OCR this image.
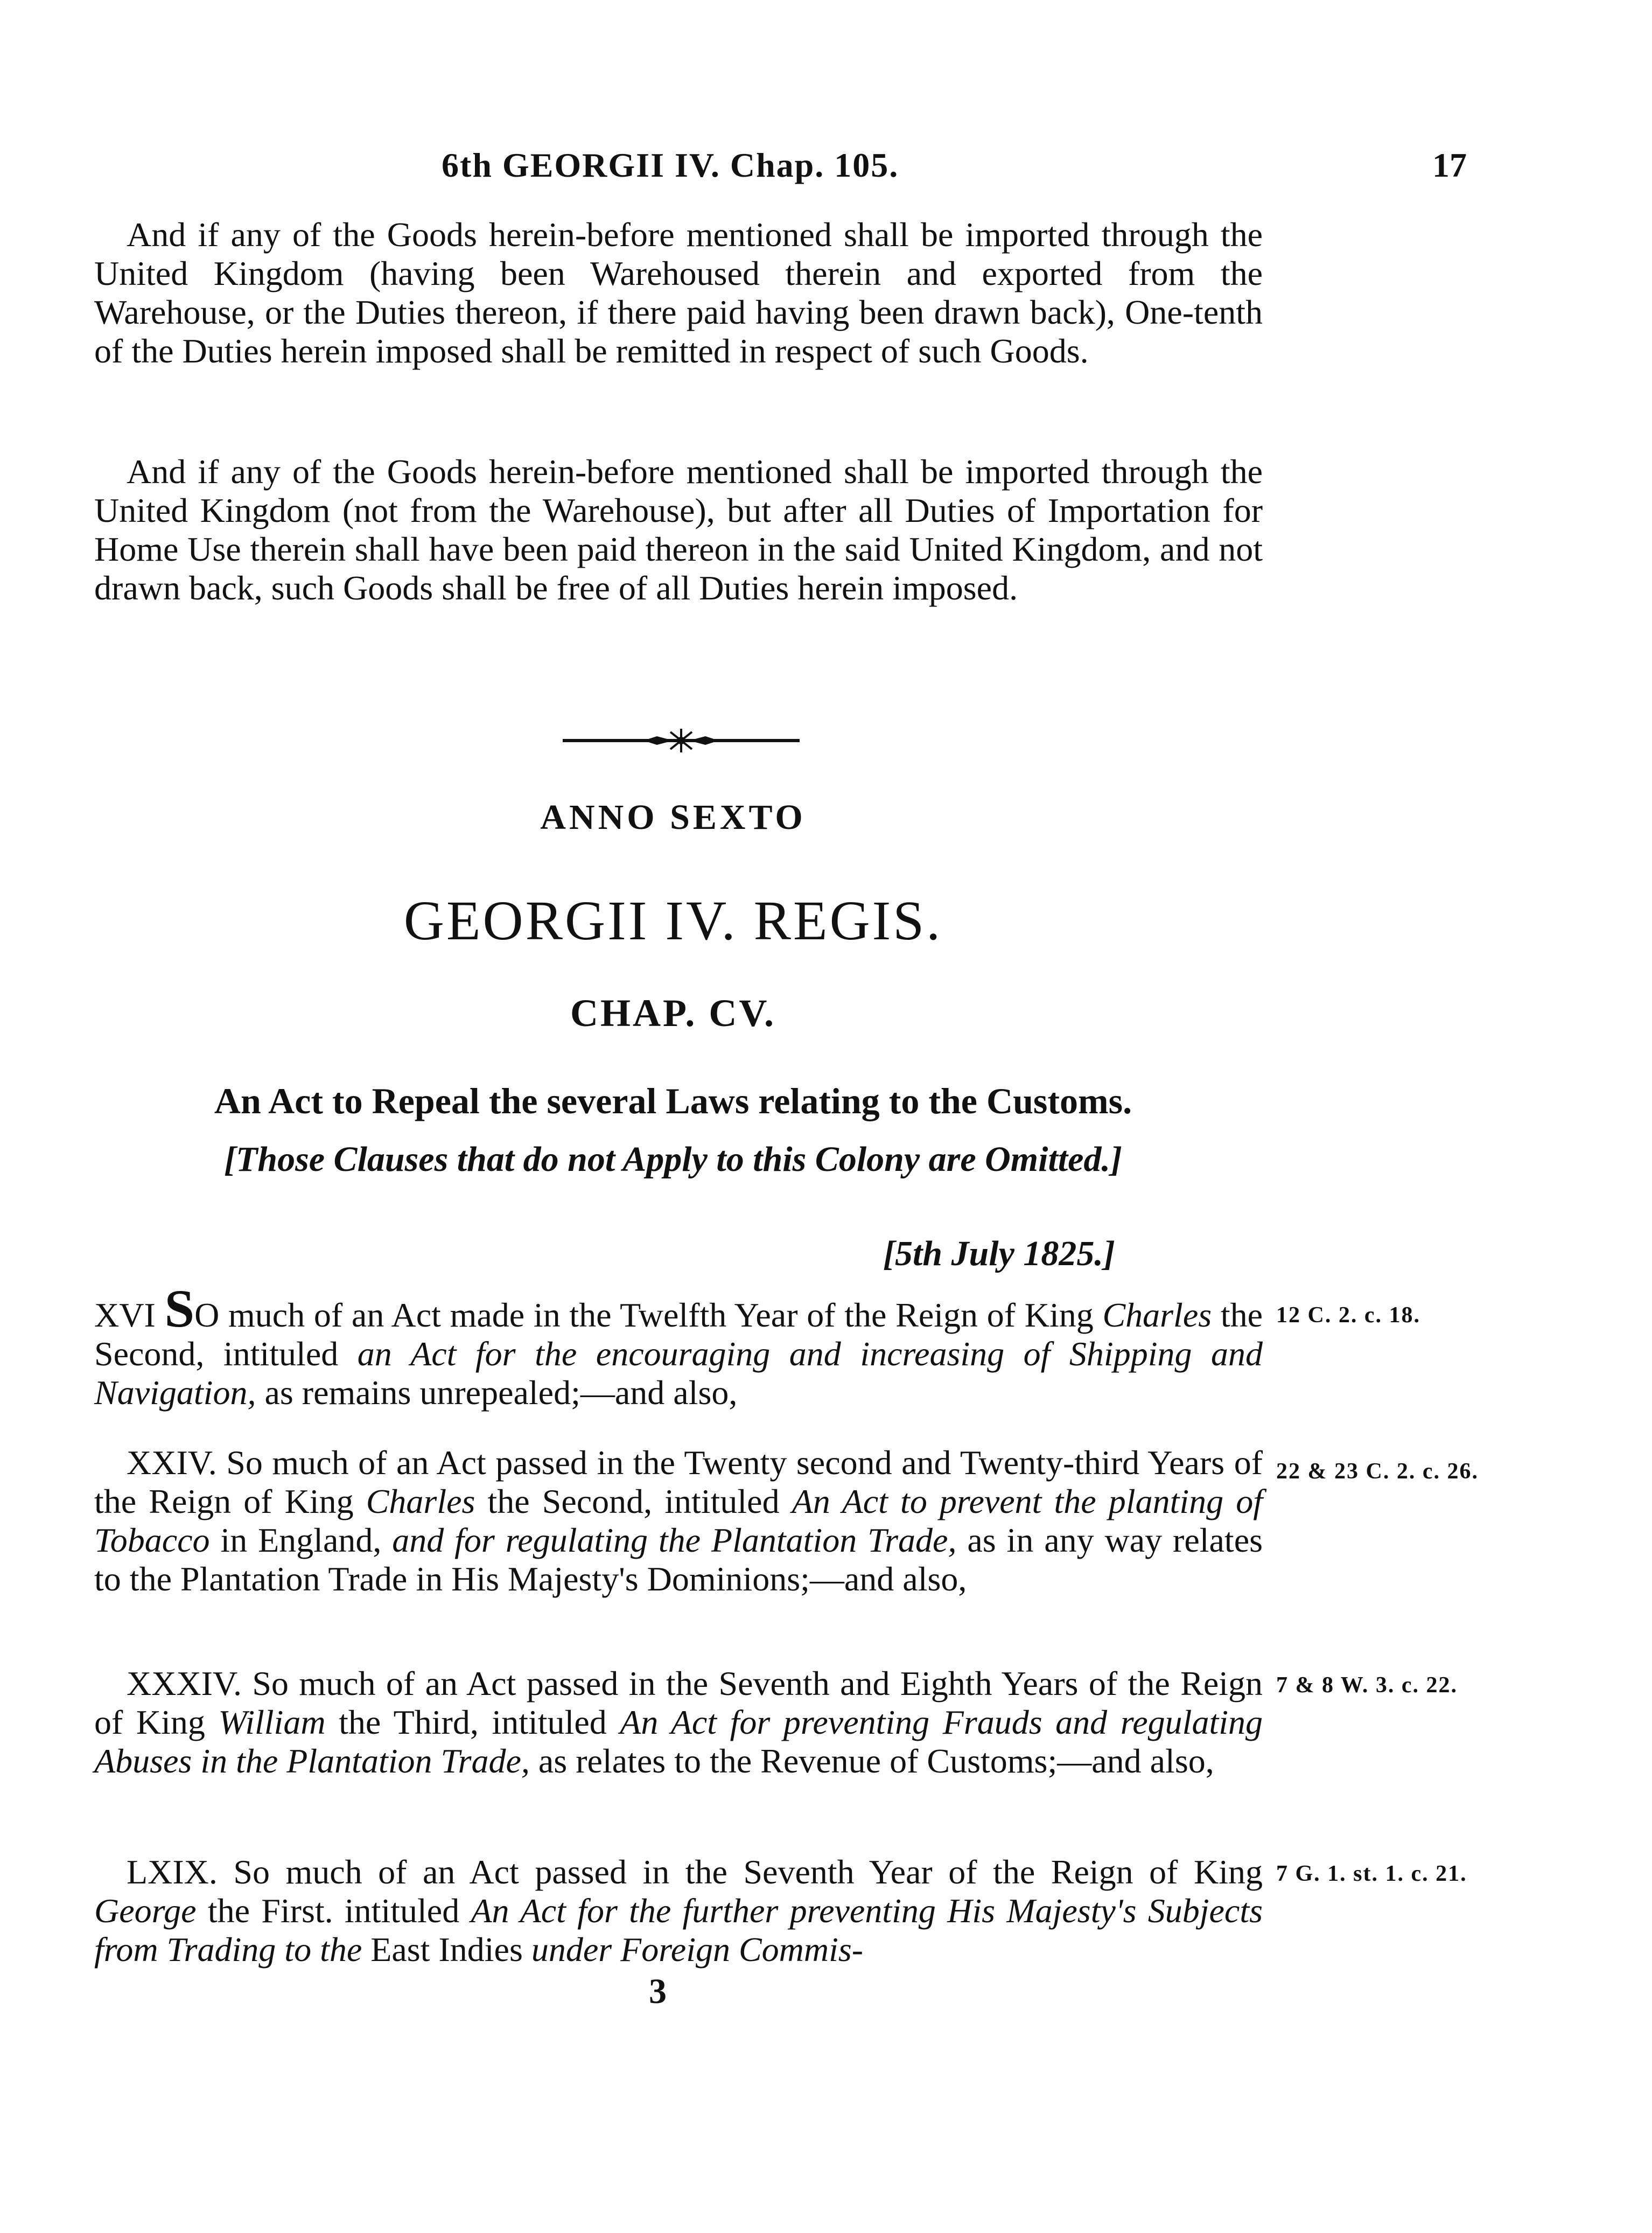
6th GEORGII IV. Chap. 105.	17

And if any of the Goods herein-before mentioned shall be imported through the United Kingdom (having been Warehoused therein and exported from the Warehouse, or the Duties thereon, if there paid having been drawn back), One-tenth of the Duties herein imposed shall be remitted in respect of such Goods.

And if any of the Goods herein-before mentioned shall be imported through the United Kingdom (not from the Warehouse), but after all Duties of Importation for Home Use therein shall have been paid thereon in the said United Kingdom, and not drawn back, such Goods shall be free of all Duties herein imposed.

ANNO SEXTO
GEORGII IV. REGIS.
CHAP. CV.
An Act to Repeal the several Laws relating to the Customs.
[Those Clauses that do not Apply to this Colony are Omitted.]
[5th July 1825.]

XVI SO much of an Act made in the Twelfth Year of the Reign of King Charles the Second, intituled an Act for the encouraging and increasing of Shipping and Navigation, as remains unrepealed;—and also,

12 C. 2. c. 18.

XXIV. So much of an Act passed in the Twenty second and Twenty-third Years of the Reign of King Charles the Second, intituled An Act to prevent the planting of Tobacco in England, and for regulating the Plantation Trade, as in any way relates to the Plantation Trade in His Majesty's Dominions;—and also,

22 & 23 C. 2. c. 26.

XXXIV. So much of an Act passed in the Seventh and Eighth Years of the Reign of King William the Third, intituled An Act for preventing Frauds and regulating Abuses in the Plantation Trade, as relates to the Revenue of Customs;—and also,

7 & 8 W. 3. c. 22.

LXIX. So much of an Act passed in the Seventh Year of the Reign of King George the First. intituled An Act for the further preventing His Majesty's Subjects from Trading to the East Indies under Foreign Commis-

7 G. 1. st. 1. c. 21.
3
